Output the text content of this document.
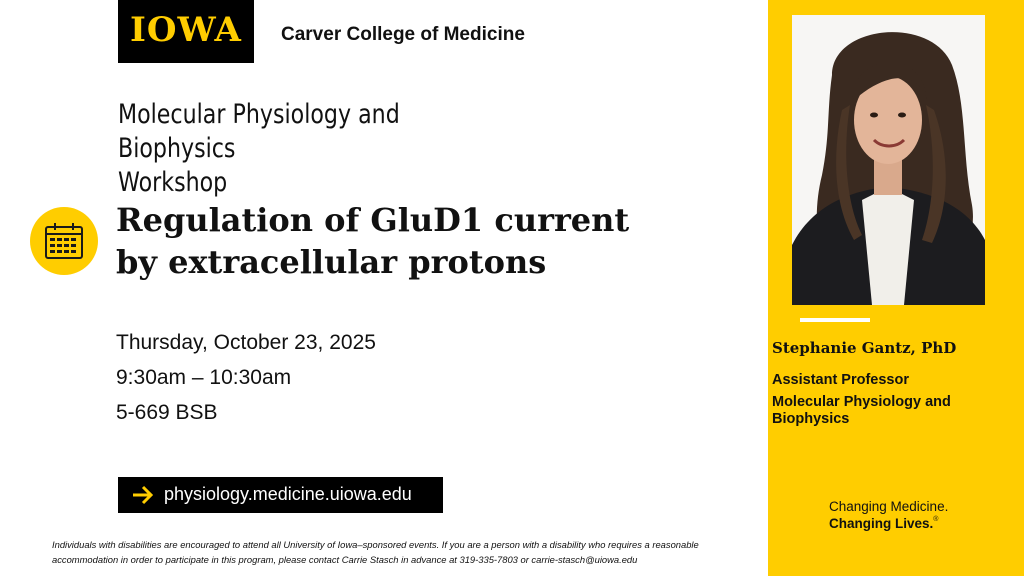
IOWA	Carver College of Medicine
Molecular Physiology and Biophysics
Workshop
Regulation of GluD1 current by extracellular protons
Thursday, October 23, 2025
9:30am – 10:30am
5-669 BSB
physiology.medicine.uiowa.edu
Individuals with disabilities are encouraged to attend all University of Iowa–sponsored events. If you are a person with a disability who requires a reasonable accommodation in order to participate in this program, please contact Carrie Stasch in advance at 319-335-7803 or carrie-stasch@uiowa.edu
Stephanie Gantz, PhD
Assistant Professor
Molecular Physiology and Biophysics
Changing Medicine.
Changing Lives.®
